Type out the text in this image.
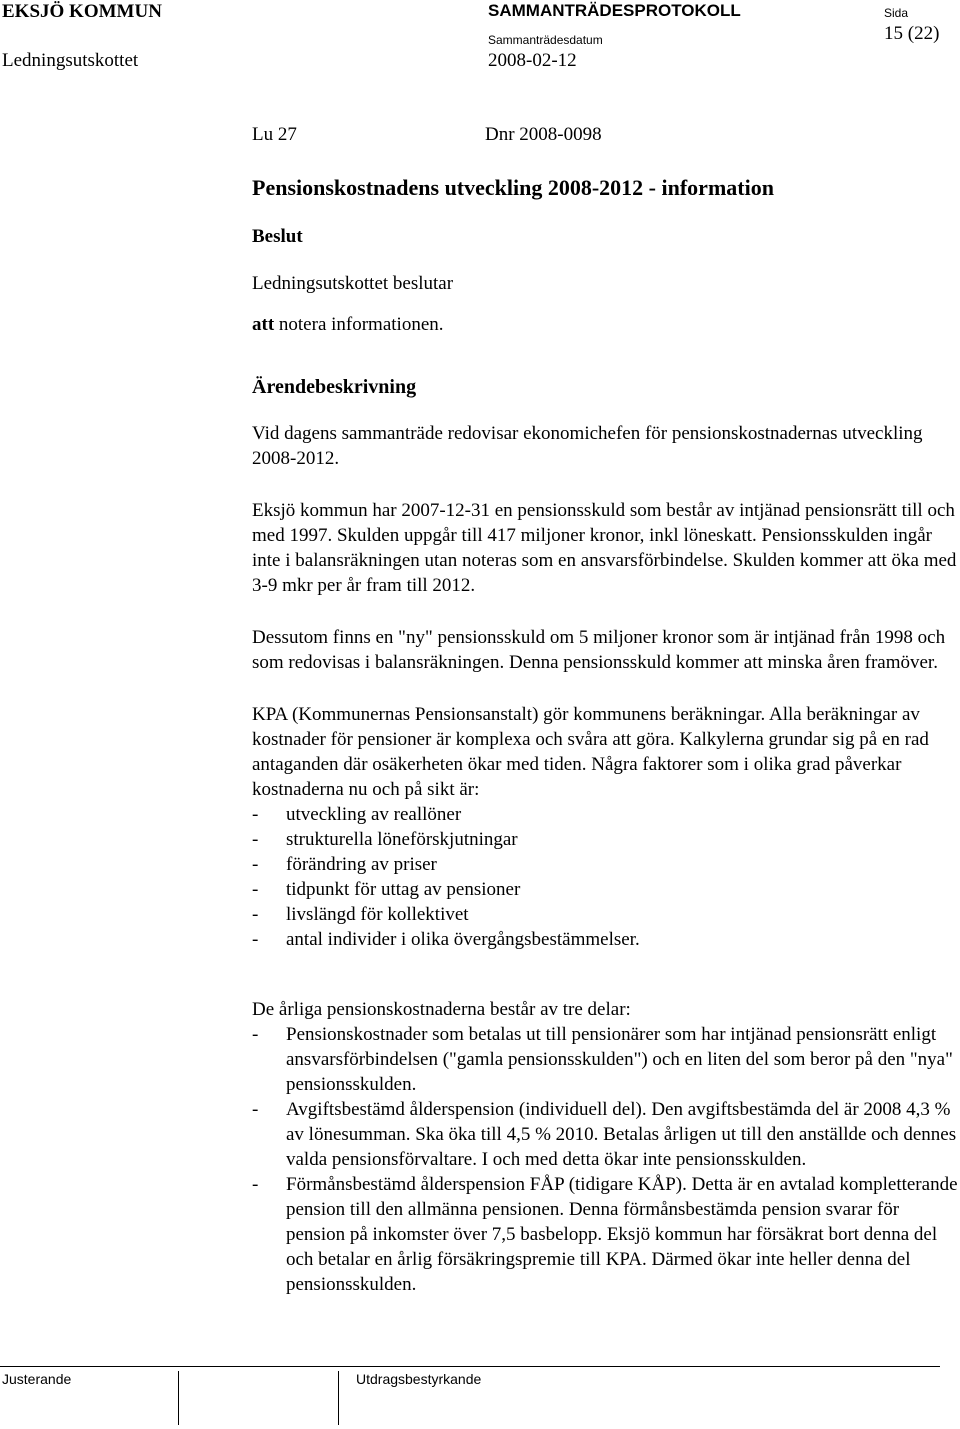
EKSJÖ KOMMUN	SAMMANTRÄDESPROTOKOLL	Sida
15 (22)
Ledningsutskottet
Sammanträdesdatum
2008-02-12
Lu 27	Dnr 2008-0098
Pensionskostnadens utveckling 2008-2012 - information
Beslut

Ledningsutskottet beslutar

att notera informationen.

Ärendebeskrivning

Vid dagens sammanträde redovisar ekonomichefen för pensionskostnadernas utveckling 2008-2012.

Eksjö kommun har 2007-12-31 en pensionsskuld som består av intjänad pensionsrätt till och med 1997. Skulden uppgår till 417 miljoner kronor, inkl löneskatt. Pensionsskulden ingår inte i balansräkningen utan noteras som en ansvarsförbindelse. Skulden kommer att öka med 3-9 mkr per år fram till 2012.

Dessutom finns en "ny" pensionsskuld om 5 miljoner kronor som är intjänad från 1998 och som redovisas i balansräkningen. Denna pensionsskuld kommer att minska åren framöver.

KPA (Kommunernas Pensionsanstalt) gör kommunens beräkningar. Alla beräkningar av kostnader för pensioner är komplexa och svåra att göra. Kalkylerna grundar sig på en rad antaganden där osäkerheten ökar med tiden. Några faktorer som i olika grad påverkar kostnaderna nu och på sikt är:

- utveckling av reallöner
- strukturella löneförskjutningar
- förändring av priser
- tidpunkt för uttag av pensioner
- livslängd för kollektivet
- antal individer i olika övergångsbestämmelser.

De årliga pensionskostnaderna består av tre delar:

- Pensionskostnader som betalas ut till pensionärer som har intjänad pensionsrätt enligt ansvarsförbindelsen ("gamla pensionsskulden") och en liten del som beror på den "nya" pensionsskulden.
- Avgiftsbestämd ålderspension (individuell del). Den avgiftsbestämda del är 2008 4,3 % av lönesumman. Ska öka till 4,5 % 2010. Betalas årligen ut till den anställde och dennes valda pensionsförvaltare. I och med detta ökar inte pensionsskulden.
- Förmånsbestämd ålderspension FÅP (tidigare KÅP). Detta är en avtalad kompletterande pension till den allmänna pensionen. Denna förmånsbestämda pension svarar för pension på inkomster över 7,5 basbelopp. Eksjö kommun har försäkrat bort denna del och betalar en årlig försäkringspremie till KPA. Därmed ökar inte heller denna del pensionsskulden.
Justerande	Utdragsbestyrkande
